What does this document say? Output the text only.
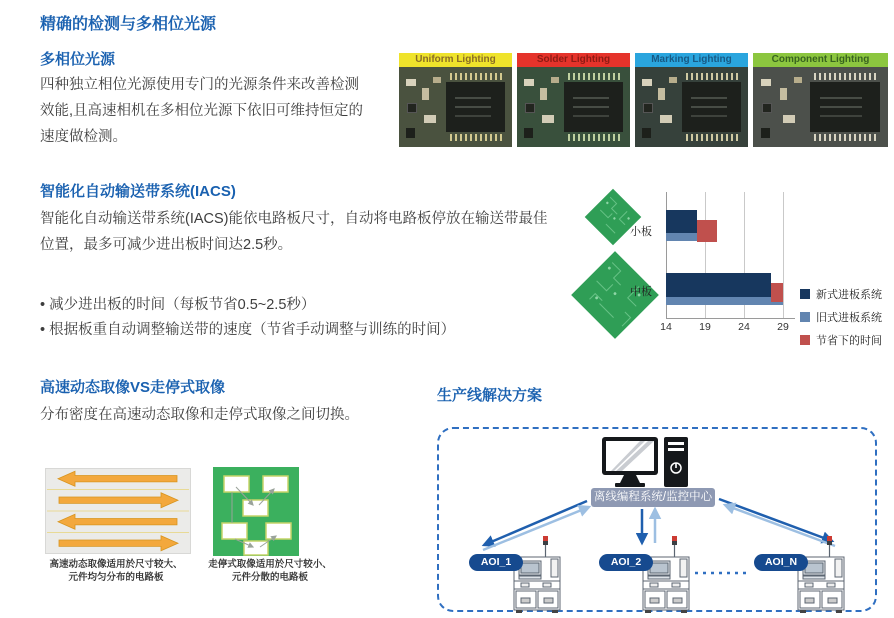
精确的检测与多相位光源
多相位光源
四种独立相位光源使用专门的光源条件来改善检测
效能,且高速相机在多相位光源下依旧可维持恒定的
速度做检测。
Uniform Lighting	Solder Lighting	Marking Lighting	Component Lighting
智能化自动输送带系统(IACS)
智能化自动输送带系统(IACS)能依电路板尺寸，自动将电路板停放在输送带最佳
位置，最多可减少进出板时间达2.5秒。
• 减少进出板的时间（每板节省0.5~2.5秒）
• 根据板重自动调整输送带的速度（节省手动调整与训练的时间）	14	19	24	29
小板
中板	新式进板系统
旧式进板系统
节省下的时间
高速动态取像VS走停式取像
分布密度在高速动态取像和走停式取像之间切换。
高速动态取像适用於尺寸较大、
元件均匀分布的电路板
走停式取像适用於尺寸较小、
元件分散的电路板
生产线解决方案
离线编程系统/监控中心
AOI_1	AOI_2	AOI_N
